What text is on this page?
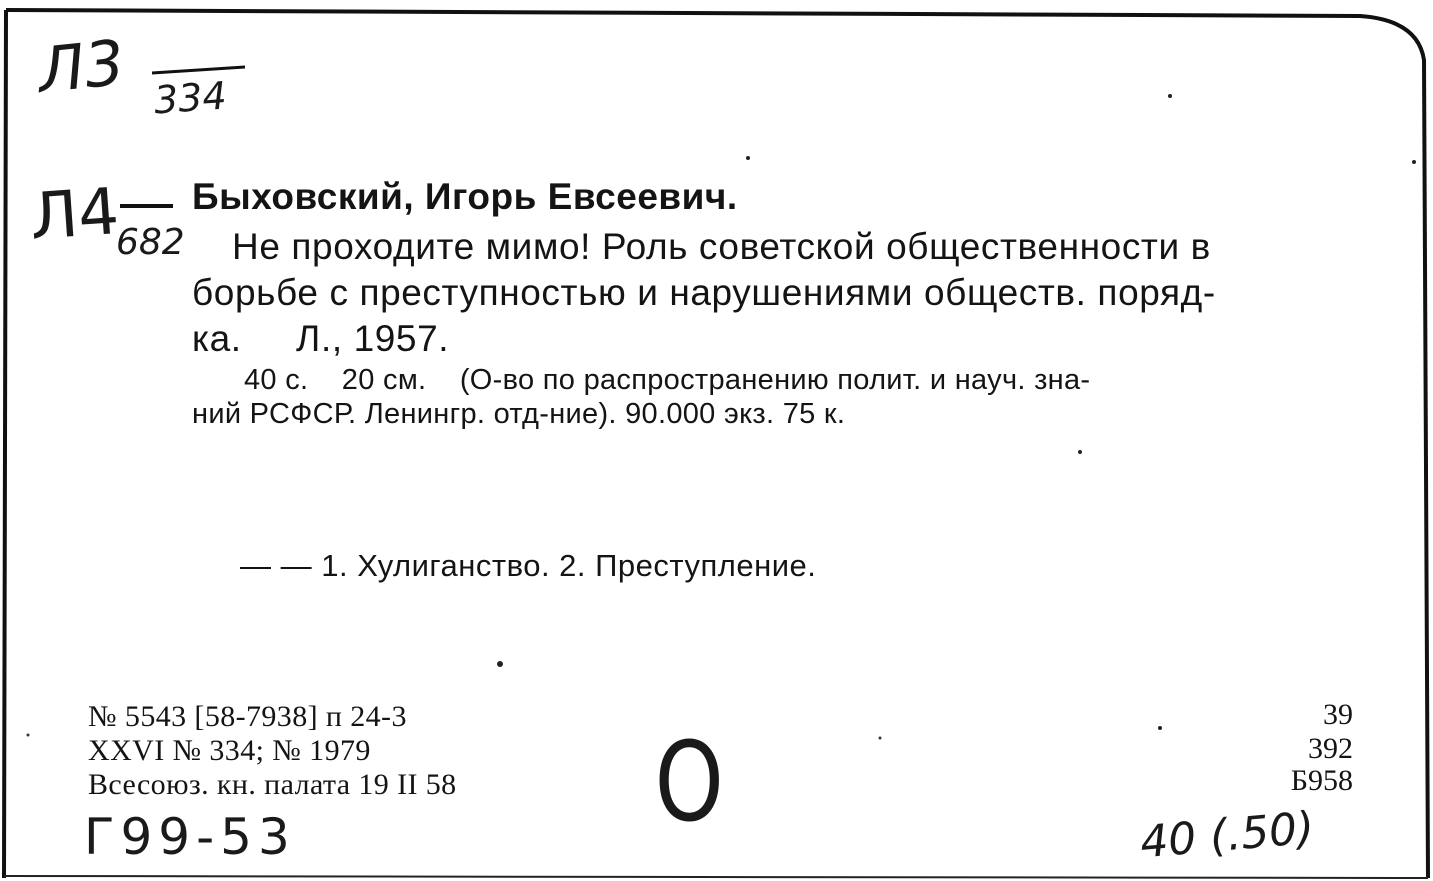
Л3 334
Л4
682
Быховский, Игорь Евсеевич.
Не проходите мимо! Роль советской общественности в
борьбе с преступностью и нарушениями обществ. поряд-
ка.     Л., 1957.
40 с.    20 см.    (О-во по распространению полит. и науч. зна-
ний РСФСР. Ленингр. отд-ние). 90.000 экз. 75 к.
— — 1. Хулиганство. 2. Преступление.
№ 5543 [58-7938] п 24-3
XXVI № 334; № 1979
Всесоюз. кн. палата 19 II 58
39
392
Б958
Г99-53	О	40 (.50)
